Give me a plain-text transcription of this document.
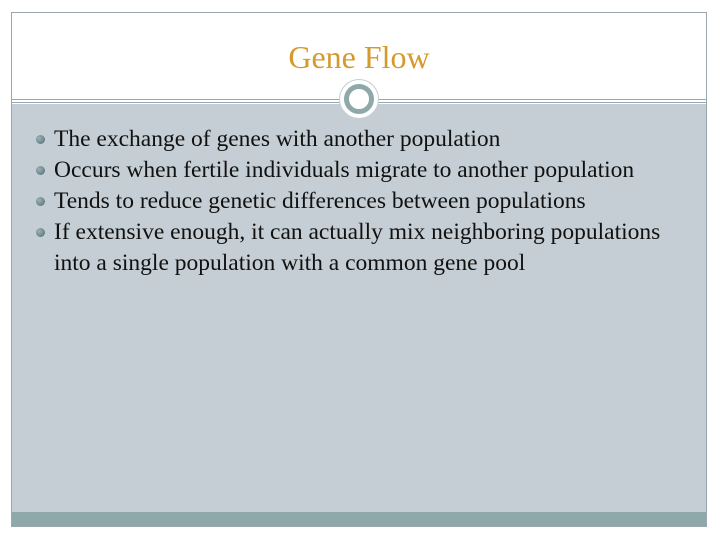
Gene Flow
The exchange of genes with another population
Occurs when fertile individuals migrate to another population
Tends to reduce genetic differences between populations
If extensive enough, it can actually mix neighboring populations into a single population with a common gene pool
